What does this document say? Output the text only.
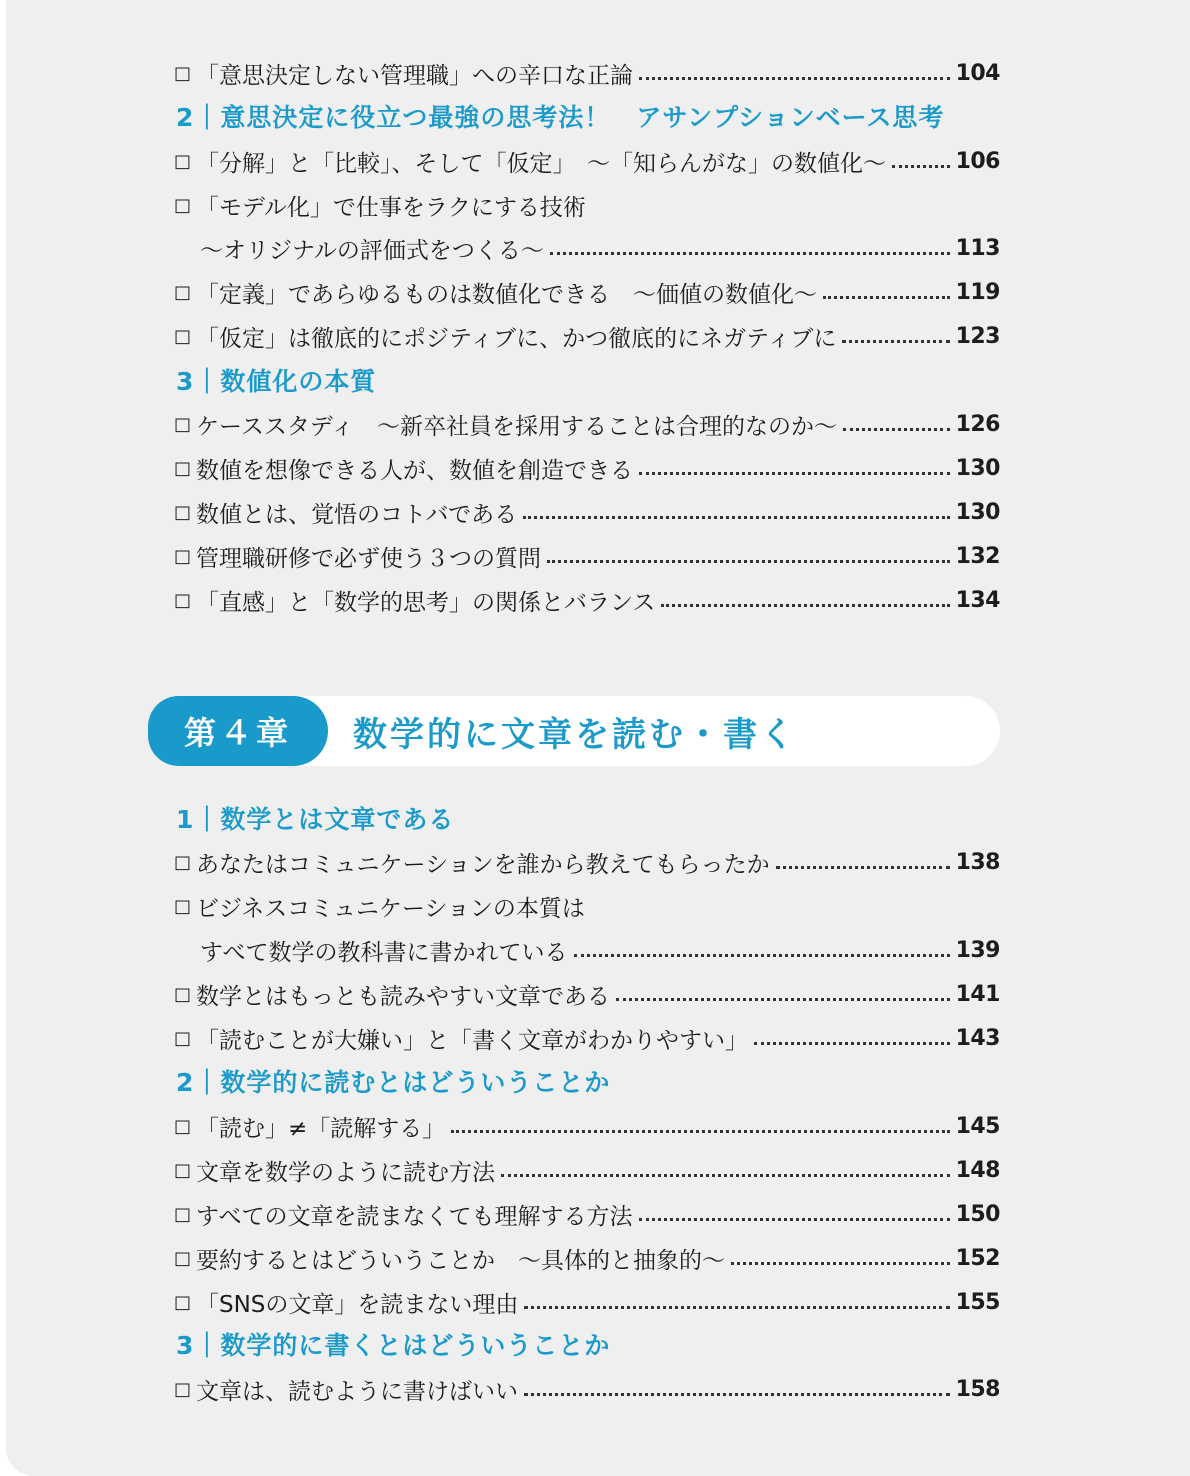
□ 「意思決定しない管理職」への辛口な正論	104
2｜意思決定に役立つ最強の思考法！　アサンプションベース思考
□ 「分解」と「比較」、そして「仮定」　～「知らんがな」の数値化～	106
□ 「モデル化」で仕事をラクにする技術
～オリジナルの評価式をつくる～	113
□ 「定義」であらゆるものは数値化できる　～価値の数値化～	119
□ 「仮定」は徹底的にポジティブに、かつ徹底的にネガティブに	123
3｜数値化の本質
□ ケーススタディ　～新卒社員を採用することは合理的なのか～	126
□ 数値を想像できる人が、数値を創造できる	130
□ 数値とは、覚悟のコトバである	130
□ 管理職研修で必ず使う３つの質問	132
□ 「直感」と「数学的思考」の関係とバランス	134
第４章	数学的に文章を読む・書く
1｜数学とは文章である
□ あなたはコミュニケーションを誰から教えてもらったか	138
□ ビジネスコミュニケーションの本質は
すべて数学の教科書に書かれている	139
□ 数学とはもっとも読みやすい文章である	141
□ 「読むことが大嫌い」と「書く文章がわかりやすい」	143
2｜数学的に読むとはどういうことか
□ 「読む」≠「読解する」	145
□ 文章を数学のように読む方法	148
□ すべての文章を読まなくても理解する方法	150
□ 要約するとはどういうことか　～具体的と抽象的～	152
□ 「SNSの文章」を読まない理由	155
3｜数学的に書くとはどういうことか
□ 文章は、読むように書けばいい	158
